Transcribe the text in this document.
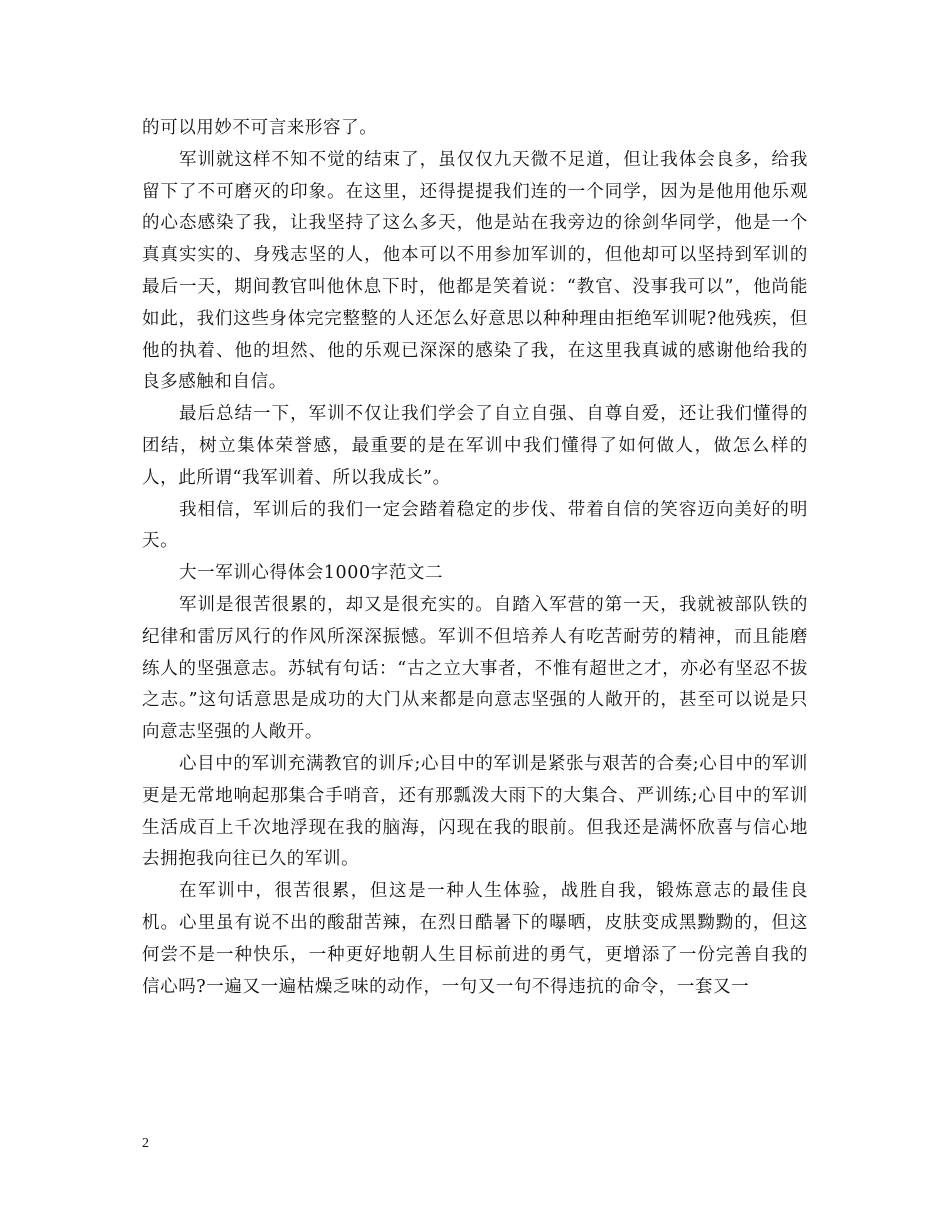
的可以用妙不可言来形容了。

军训就这样不知不觉的结束了，虽仅仅九天微不足道，但让我体会良多，给我留下了不可磨灭的印象。在这里，还得提提我们连的一个同学，因为是他用他乐观的心态感染了我，让我坚持了这么多天，他是站在我旁边的徐剑华同学，他是一个真真实实的、身残志坚的人，他本可以不用参加军训的，但他却可以坚持到军训的最后一天，期间教官叫他休息下时，他都是笑着说：“教官、没事我可以”，他尚能如此，我们这些身体完完整整的人还怎么好意思以种种理由拒绝军训呢?他残疾，但他的执着、他的坦然、他的乐观已深深的感染了我，在这里我真诚的感谢他给我的良多感触和自信。

最后总结一下，军训不仅让我们学会了自立自强、自尊自爱，还让我们懂得的团结，树立集体荣誉感，最重要的是在军训中我们懂得了如何做人，做怎么样的人，此所谓“我军训着、所以我成长”。

我相信，军训后的我们一定会踏着稳定的步伐、带着自信的笑容迈向美好的明天。

大一军训心得体会1000字范文二

军训是很苦很累的，却又是很充实的。自踏入军营的第一天，我就被部队铁的纪律和雷厉风行的作风所深深振憾。军训不但培养人有吃苦耐劳的精神，而且能磨练人的坚强意志。苏轼有句话：“古之立大事者，不惟有超世之才，亦必有坚忍不拔之志。”这句话意思是成功的大门从来都是向意志坚强的人敞开的，甚至可以说是只向意志坚强的人敞开。

心目中的军训充满教官的训斥;心目中的军训是紧张与艰苦的合奏;心目中的军训更是无常地响起那集合手哨音，还有那瓢泼大雨下的大集合、严训练;心目中的军训生活成百上千次地浮现在我的脑海，闪现在我的眼前。但我还是满怀欣喜与信心地去拥抱我向往已久的军训。

在军训中，很苦很累，但这是一种人生体验，战胜自我，锻炼意志的最佳良机。心里虽有说不出的酸甜苦辣，在烈日酷暑下的曝晒，皮肤变成黑黝黝的，但这何尝不是一种快乐，一种更好地朝人生目标前进的勇气，更增添了一份完善自我的信心吗?一遍又一遍枯燥乏味的动作，一句又一句不得违抗的命令，一套又一

2
